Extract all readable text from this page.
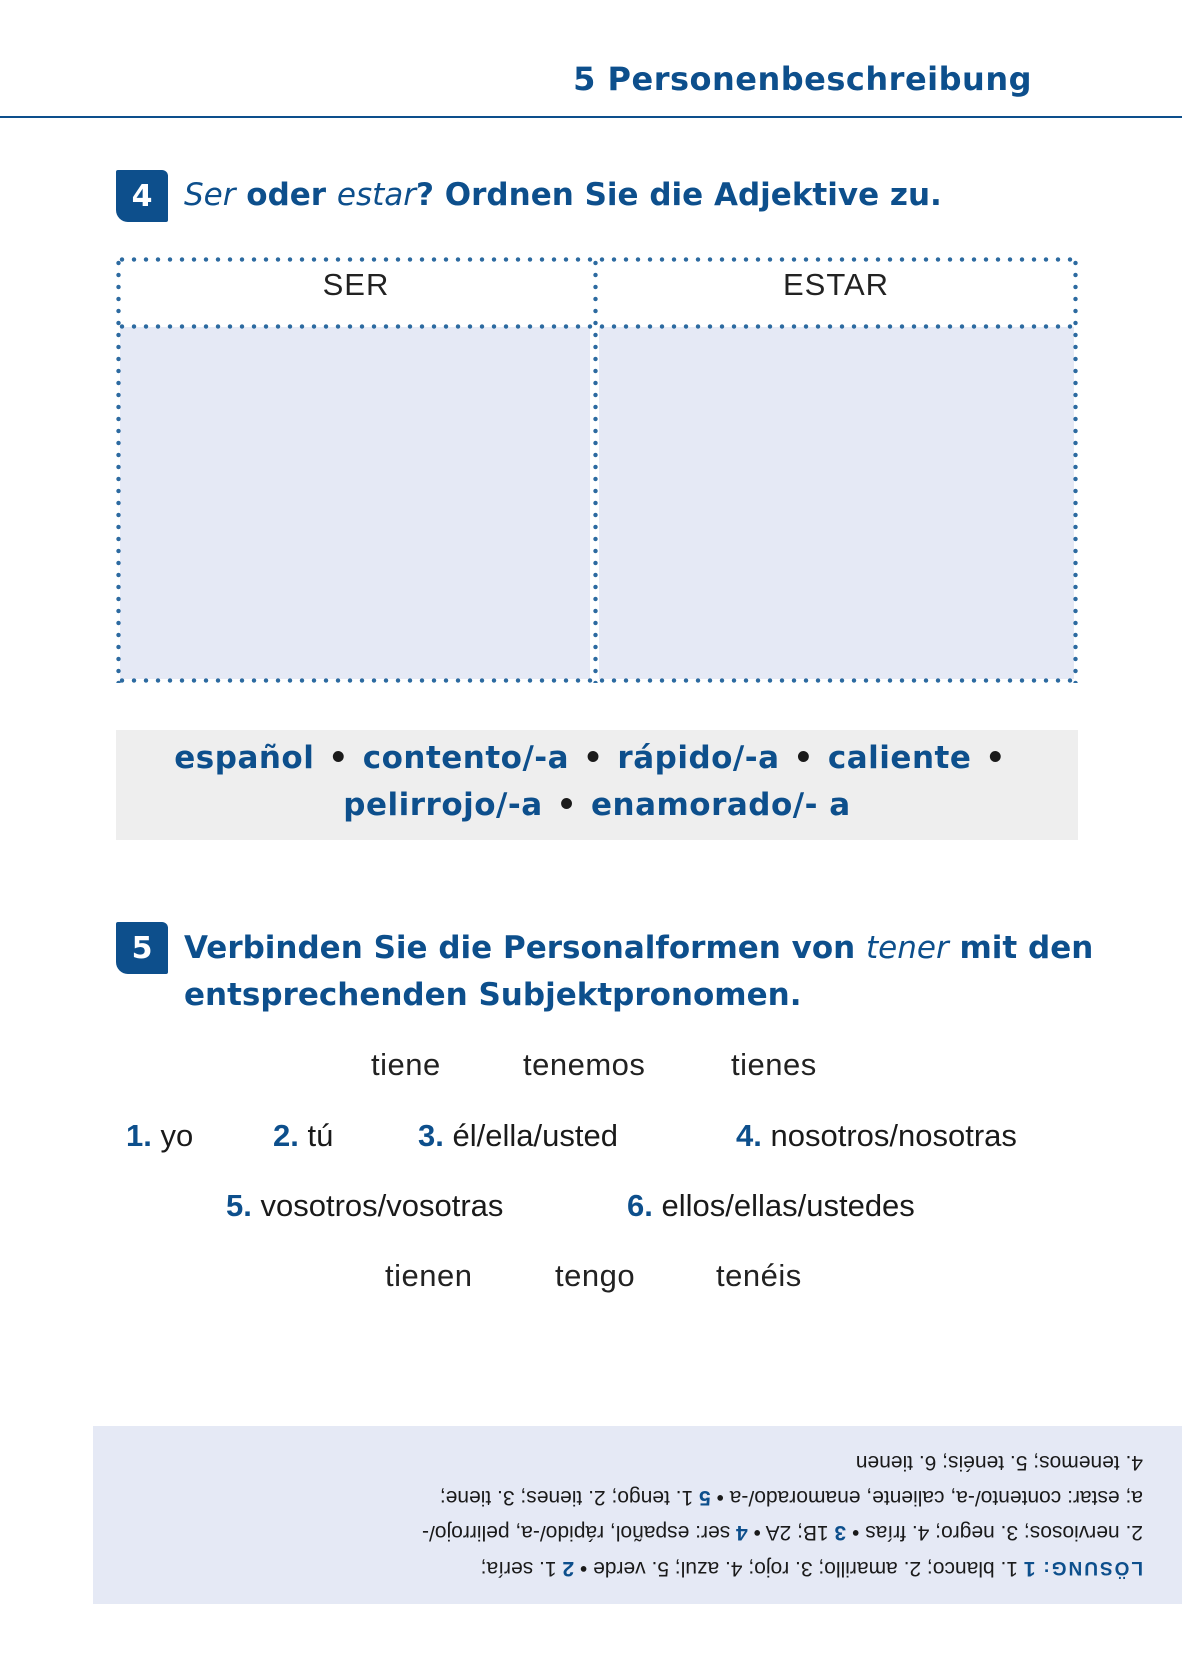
5 Personenbeschreibung
4	Ser oder estar? Ordnen Sie die Adjektive zu.
SER	ESTAR
español • contento/-a • rápido/-a • caliente •
pelirrojo/-a • enamorado/- a
5	Verbinden Sie die Personalformen von tener mit den
entsprechenden Subjektpronomen.
tiene	tenemos	tienes
1. yo	2. tú	3. él/ella/usted	4. nosotros/nosotras
5. vosotros/vosotras	6. ellos/ellas/ustedes
tienen	tengo	tenéis
LÖSUNG: 1 1. blanco; 2. amarillo; 3. rojo; 4. azul; 5. verde • 2 1. sería;
2. nerviosos; 3. negro; 4. frías • 3 1B; 2A • 4 ser: español, rápido/-a, pelirrojo/-
a; estar: contento/-a, caliente, enamorado/-a • 5 1. tengo; 2. tienes; 3. tiene;
4. tenemos; 5. tenéis; 6. tienen
